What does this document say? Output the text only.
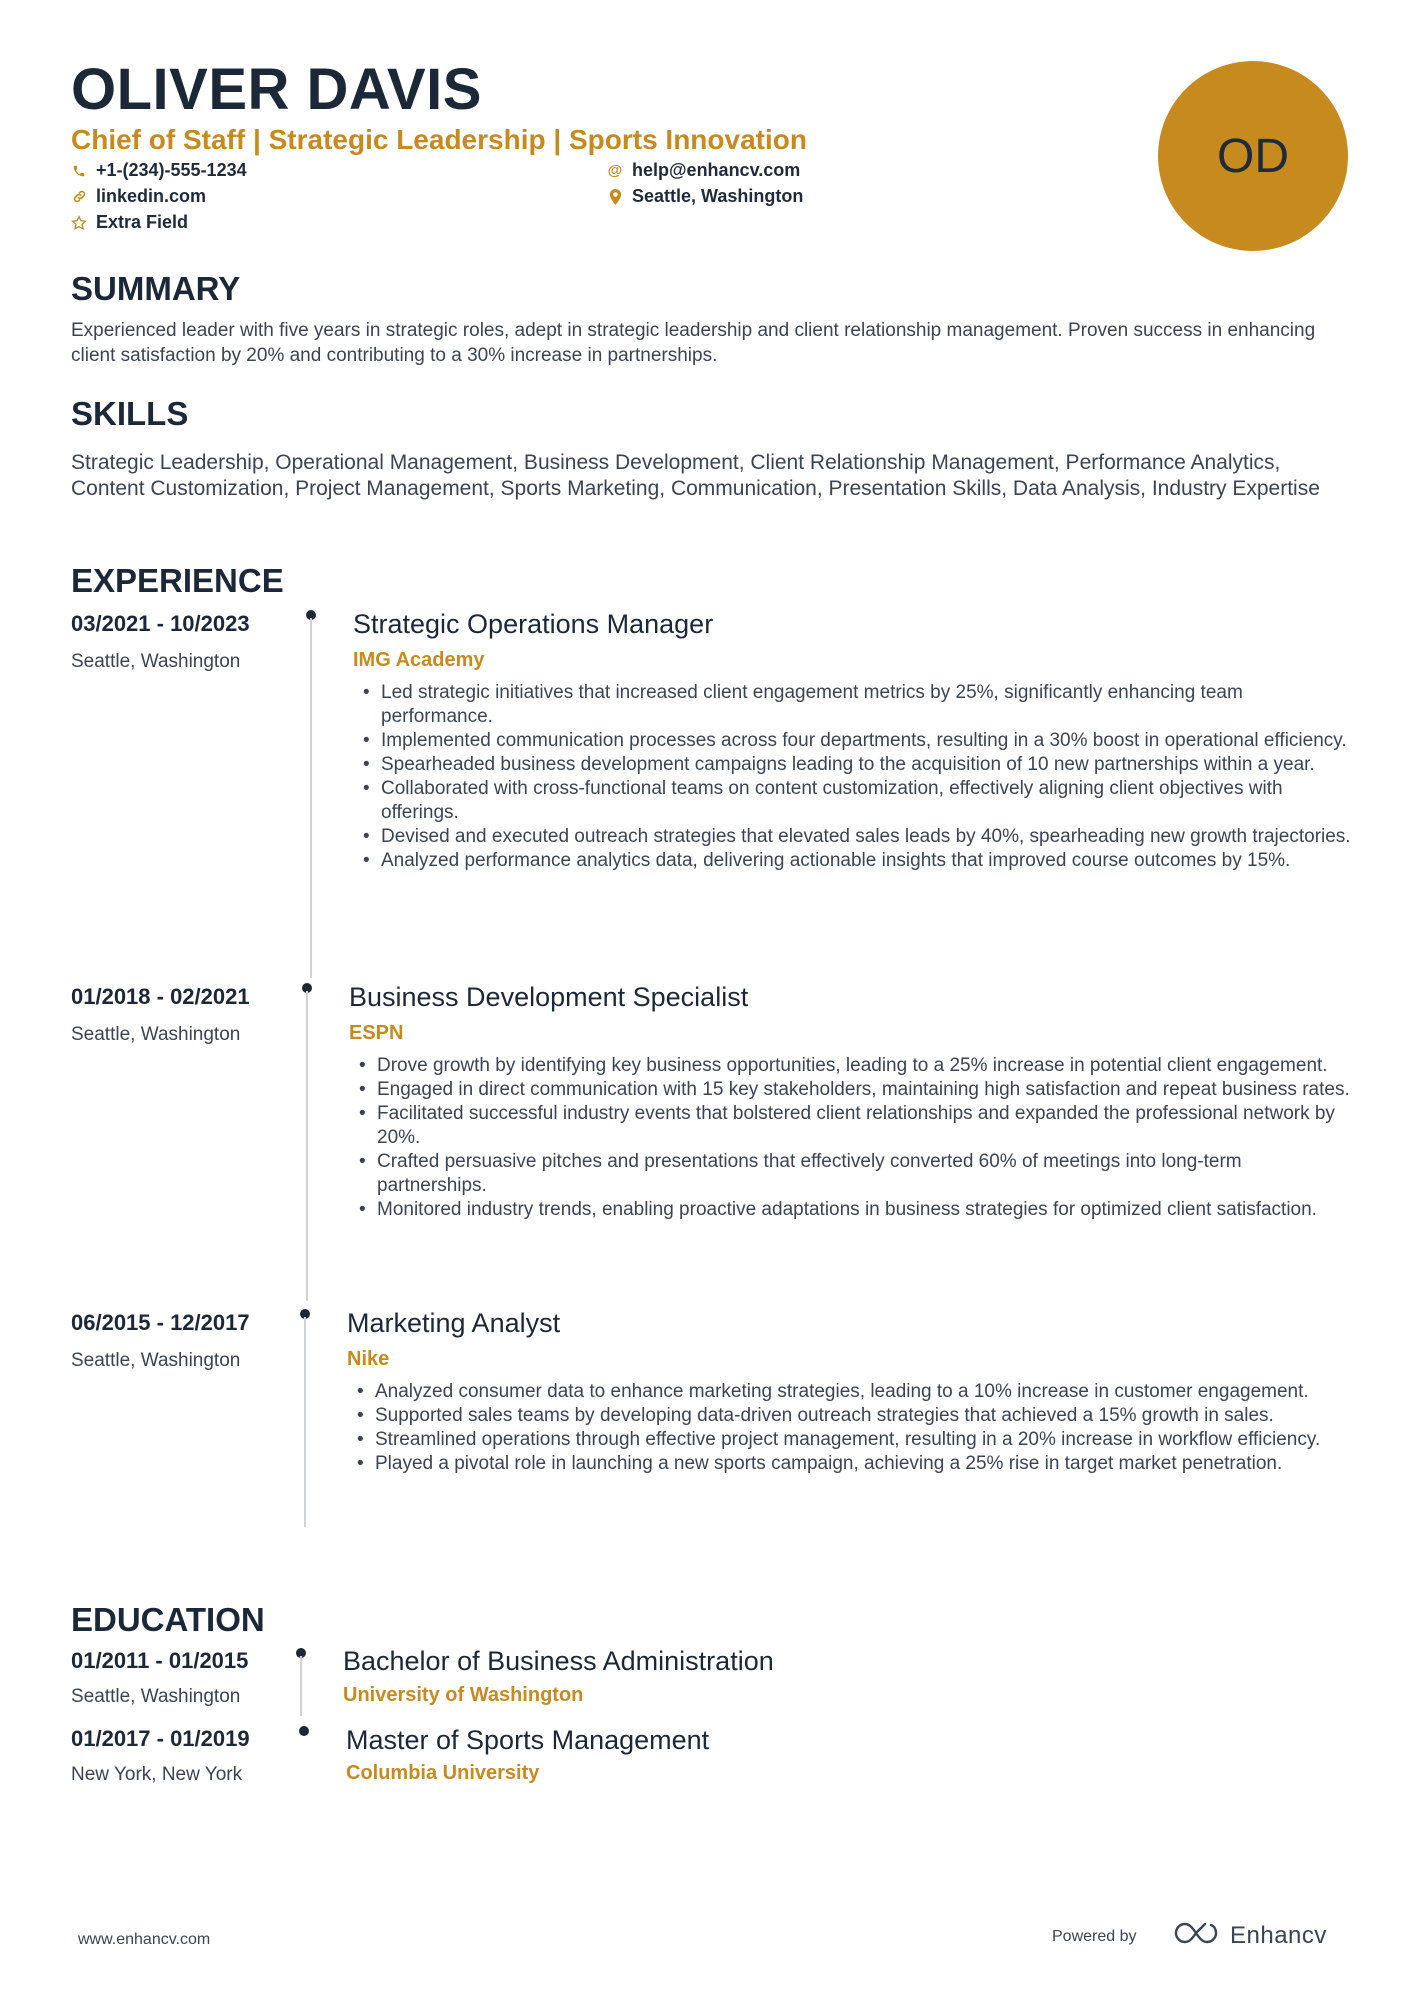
OLIVER DAVIS
Chief of Staff | Strategic Leadership | Sports Innovation
+1-(234)-555-1234	@ help@enhancv.com
linkedin.com	Seattle, Washington
Extra Field
OD
SUMMARY
Experienced leader with five years in strategic roles, adept in strategic leadership and client relationship management. Proven success in enhancing client satisfaction by 20% and contributing to a 30% increase in partnerships.
SKILLS
Strategic Leadership, Operational Management, Business Development, Client Relationship Management, Performance Analytics, Content Customization, Project Management, Sports Marketing, Communication, Presentation Skills, Data Analysis, Industry Expertise
EXPERIENCE
03/2021 - 10/2023
Seattle, Washington
Strategic Operations Manager
IMG Academy
• Led strategic initiatives that increased client engagement metrics by 25%, significantly enhancing team performance.
• Implemented communication processes across four departments, resulting in a 30% boost in operational efficiency.
• Spearheaded business development campaigns leading to the acquisition of 10 new partnerships within a year.
• Collaborated with cross-functional teams on content customization, effectively aligning client objectives with offerings.
• Devised and executed outreach strategies that elevated sales leads by 40%, spearheading new growth trajectories.
• Analyzed performance analytics data, delivering actionable insights that improved course outcomes by 15%.
01/2018 - 02/2021
Seattle, Washington
Business Development Specialist
ESPN
• Drove growth by identifying key business opportunities, leading to a 25% increase in potential client engagement.
• Engaged in direct communication with 15 key stakeholders, maintaining high satisfaction and repeat business rates.
• Facilitated successful industry events that bolstered client relationships and expanded the professional network by 20%.
• Crafted persuasive pitches and presentations that effectively converted 60% of meetings into long-term partnerships.
• Monitored industry trends, enabling proactive adaptations in business strategies for optimized client satisfaction.
06/2015 - 12/2017
Seattle, Washington
Marketing Analyst
Nike
• Analyzed consumer data to enhance marketing strategies, leading to a 10% increase in customer engagement.
• Supported sales teams by developing data-driven outreach strategies that achieved a 15% growth in sales.
• Streamlined operations through effective project management, resulting in a 20% increase in workflow efficiency.
• Played a pivotal role in launching a new sports campaign, achieving a 25% rise in target market penetration.
EDUCATION
01/2011 - 01/2015
Seattle, Washington
Bachelor of Business Administration
University of Washington
01/2017 - 01/2019
New York, New York
Master of Sports Management
Columbia University
www.enhancv.com	Powered by	Enhancv
